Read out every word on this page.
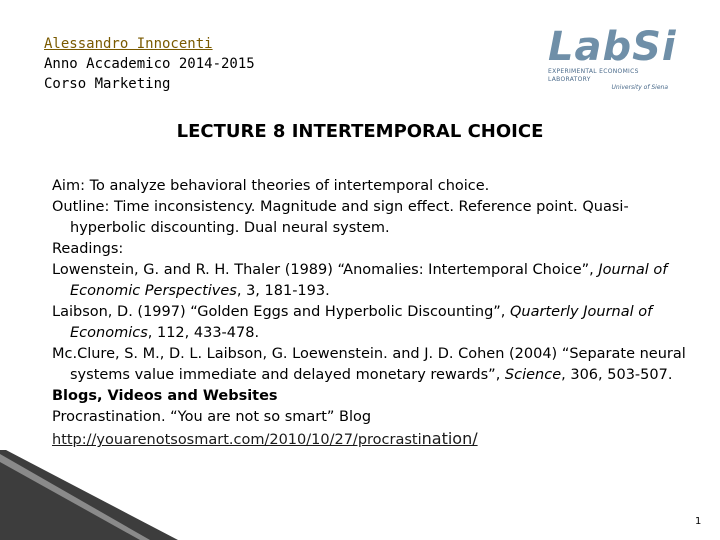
Alessandro Innocenti
Anno Accademico 2014-2015
Corso Marketing
LabSi
EXPERIMENTAL ECONOMICS LABORATORY
University of Siena
LECTURE 8 INTERTEMPORAL CHOICE

Aim: To analyze behavioral theories of intertemporal choice.

Outline: Time inconsistency. Magnitude and sign effect. Reference point. Quasi-hyperbolic discounting. Dual neural system.

Readings:

Lowenstein, G. and R. H. Thaler (1989) “Anomalies: Intertemporal Choice”, Journal of Economic Perspectives, 3, 181-193.

Laibson, D. (1997) “Golden Eggs and Hyperbolic Discounting”, Quarterly Journal of Economics, 112, 433-478.

Mc.Clure, S. M., D. L. Laibson, G. Loewenstein. and J. D. Cohen (2004) “Separate neural systems value immediate and delayed monetary rewards”, Science, 306, 503-507.

Blogs, Videos and Websites

Procrastination. “You are not so smart” Blog

http://youarenotsosmart.com/2010/10/27/procrastination/

1
